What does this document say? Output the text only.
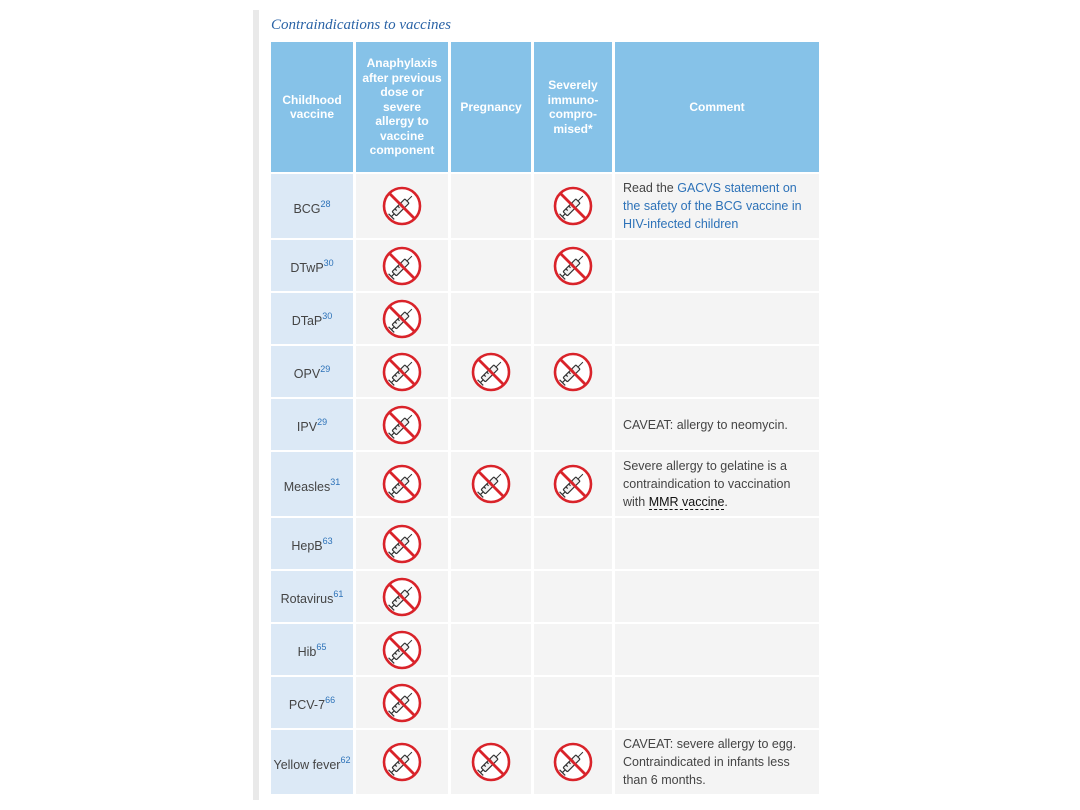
Contraindications to vaccines
Childhood vaccine	Anaphylaxis after previous dose or severe allergy to vaccine component	Pregnancy	Severely immuno-compro-mised*	Comment
BCG$^{28}$				Read the GACVS statement on the safety of the BCG vaccine in HIV-infected children
DTwP$^{30}$				
DTaP$^{30}$				
OPV$^{29}$				
IPV$^{29}$				CAVEAT: allergy to neomycin.
Measles$^{31}$				Severe allergy to gelatine is a contraindication to vaccination with MMR vaccine.
HepB$^{63}$				
Rotavirus$^{61}$				
Hib$^{65}$				
PCV-$7^{66}$				
Yellow fever$^{62}$				CAVEAT: severe allergy to egg. Contraindicated in infants less than 6 months.
